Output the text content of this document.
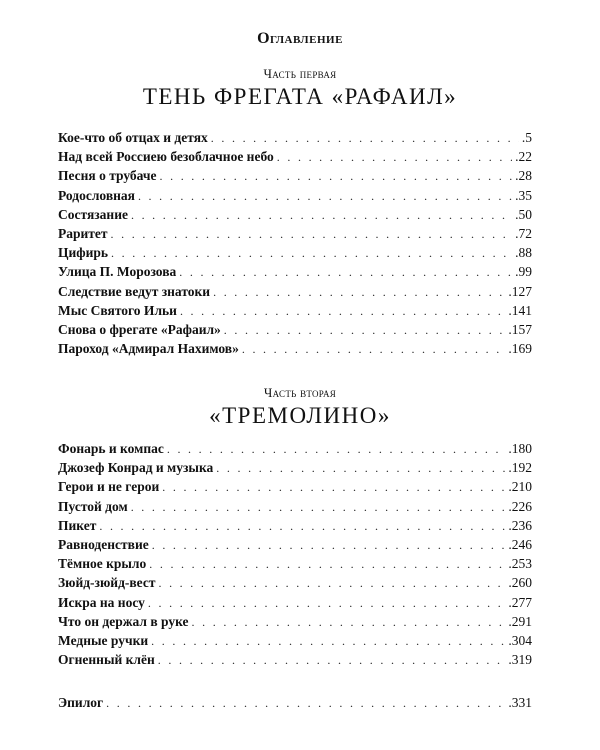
Оглавление
Часть первая
ТЕНЬ ФРЕГАТА «РАФАИЛ»
Кое-что об отцах и детях . . .	.5
Над всей Россиею безоблачное небо . . .	.22
Песня о трубаче . . .	.28
Родословная . . .	.35
Состязание . . .	.50
Раритет . . .	.72
Цифирь . . .	.88
Улица П. Морозова . . .	.99
Следствие ведут знатоки . . .	.127
Мыс Святого Ильи . . .	.141
Снова о фрегате «Рафаил» . . .	.157
Пароход «Адмирал Нахимов» . . .	.169
Часть вторая
«ТРЕМОЛИНО»
Фонарь и компас . . .	.180
Джозеф Конрад и музыка . . .	.192
Герои и не герои . . .	.210
Пустой дом . . .	.226
Пикет . . .	.236
Равноденствие . . .	.246
Тёмное крыло . . .	.253
Зюйд-зюйд-вест . . .	.260
Искра на носу . . .	.277
Что он держал в руке . . .	.291
Медные ручки . . .	.304
Огненный клён . . .	.319
Эпилог . . .	.331
